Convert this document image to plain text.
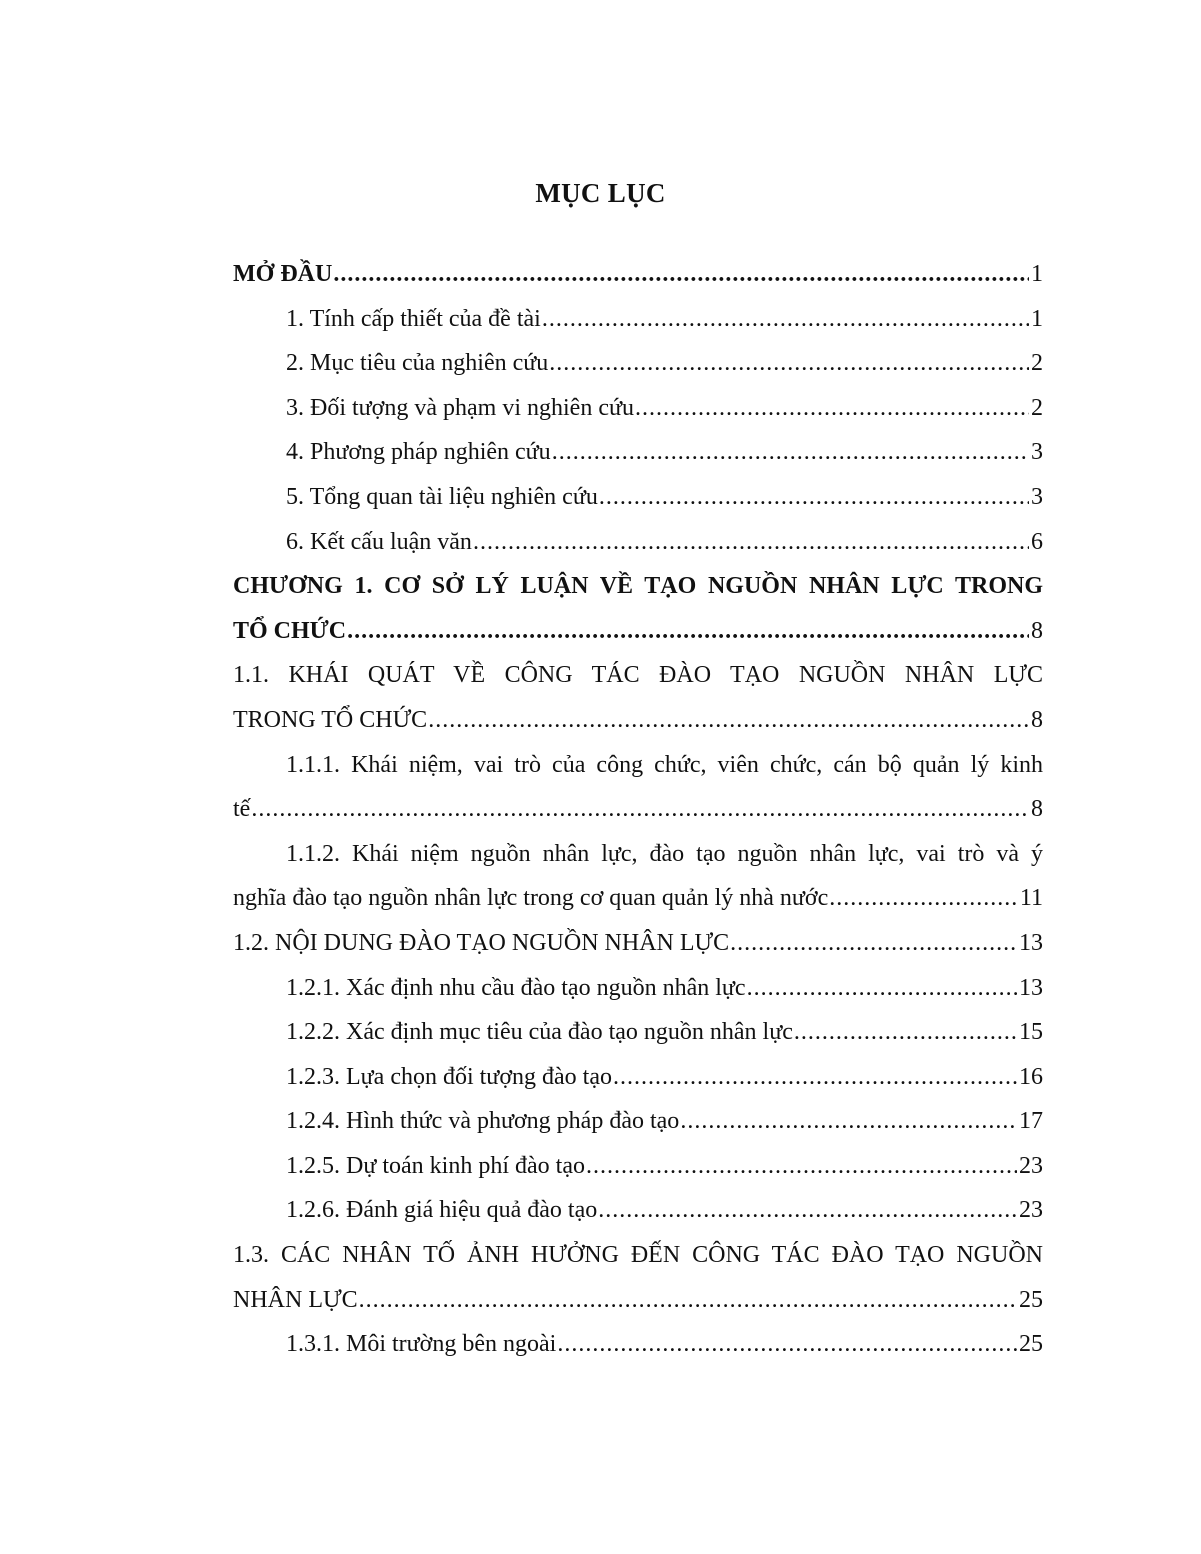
MỤC LỤC
MỞ ĐẦU .....	1
1. Tính cấp thiết của đề tài .....	1
2. Mục tiêu của nghiên cứu .....	2
3. Đối tượng và phạm vi nghiên cứu .....	2
4. Phương pháp nghiên cứu .....	3
5. Tổng quan tài liệu nghiên cứu .....	3
6. Kết cấu luận văn .....	6
CHƯƠNG 1. CƠ SỞ LÝ LUẬN VỀ TẠO NGUỒN NHÂN LỰC TRONG
TỔ CHỨC .....	8
1.1. KHÁI QUÁT VỀ CÔNG TÁC ĐÀO TẠO NGUỒN NHÂN LỰC
TRONG TỔ CHỨC .....	8
1.1.1. Khái niệm, vai trò của công chức, viên chức, cán bộ quản lý kinh
tế .....	8
1.1.2. Khái niệm nguồn nhân lực, đào tạo nguồn nhân lực, vai trò và ý
nghĩa đào tạo nguồn nhân lực trong cơ quan quản lý nhà nước .....	11
1.2. NỘI DUNG ĐÀO TẠO NGUỒN NHÂN LỰC .....	13
1.2.1. Xác định nhu cầu đào tạo nguồn nhân lực .....	13
1.2.2. Xác định mục tiêu của đào tạo nguồn nhân lực .....	15
1.2.3. Lựa chọn đối tượng đào tạo .....	16
1.2.4. Hình thức và phương pháp đào tạo .....	17
1.2.5. Dự toán kinh phí đào tạo .....	23
1.2.6. Đánh giá hiệu quả đào tạo .....	23
1.3. CÁC NHÂN TỐ ẢNH HƯỞNG ĐẾN CÔNG TÁC ĐÀO TẠO NGUỒN
NHÂN LỰC .....	25
1.3.1. Môi trường bên ngoài .....	25
